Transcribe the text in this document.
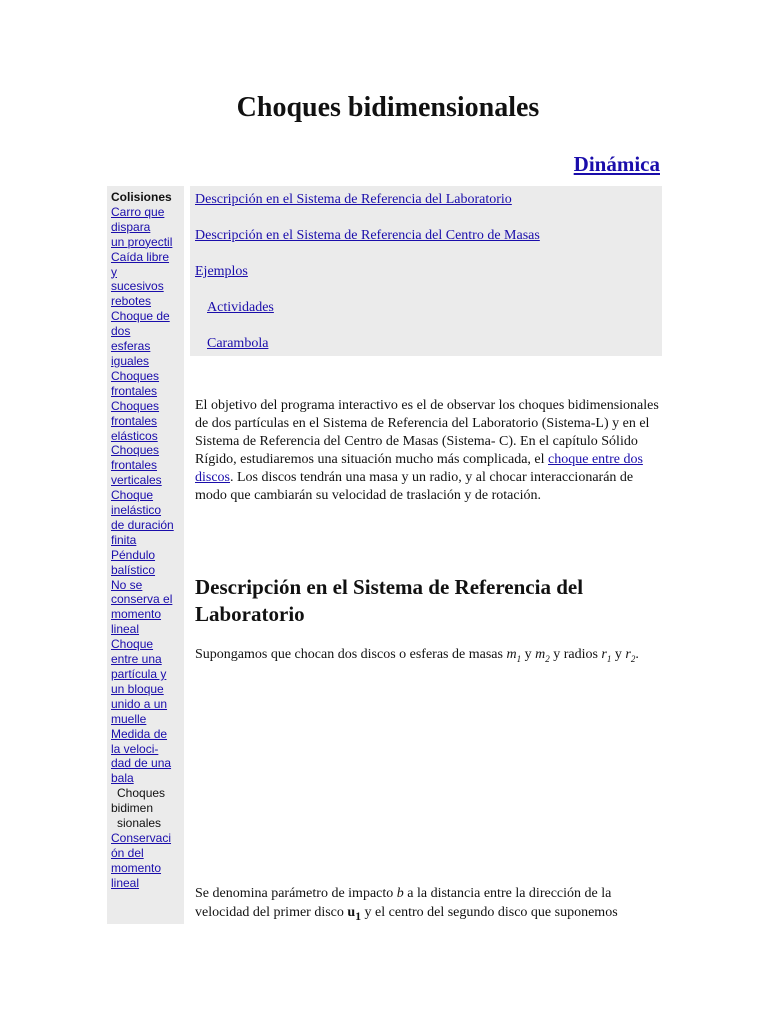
Choques bidimensionales
Dinámica
Colisiones
Carro que
dispara
un proyectil
Caída libre
y
sucesivos
rebotes
Choque de
dos
esferas
iguales
Choques
frontales
Choques
frontales
elásticos
Choques
frontales
verticales
Choque
inelástico
de duración
finita
Péndulo
balístico
No se
conserva el
momento
lineal
Choque
entre una
partícula y
un bloque
unido a un
muelle
Medida de
la veloci-
dad de una
bala
Choques
bidimen
sionales
Conservaci
ón del
momento
lineal
Descripción en el Sistema de Referencia del Laboratorio
Descripción en el Sistema de Referencia del Centro de Masas
Ejemplos
Actividades
Carambola

El objetivo del programa interactivo es el de observar los choques bidimensionales de dos partículas en el Sistema de Referencia del Laboratorio (Sistema-L) y en el Sistema de Referencia del Centro de Masas (Sistema- C). En el capítulo Sólido Rígido, estudiaremos una situación mucho más complicada, el choque entre dos discos. Los discos tendrán una masa y un radio, y al chocar interaccionarán de modo que cambiarán su velocidad de traslación y de rotación.

Descripción en el Sistema de Referencia del Laboratorio

Supongamos que chocan dos discos o esferas de masas $m_1$ y $m_2$ y radios $r_1$ y $r_2$.

Se denomina parámetro de impacto b a la distancia entre la dirección de la velocidad del primer disco $u_1$ y el centro del segundo disco que suponemos
